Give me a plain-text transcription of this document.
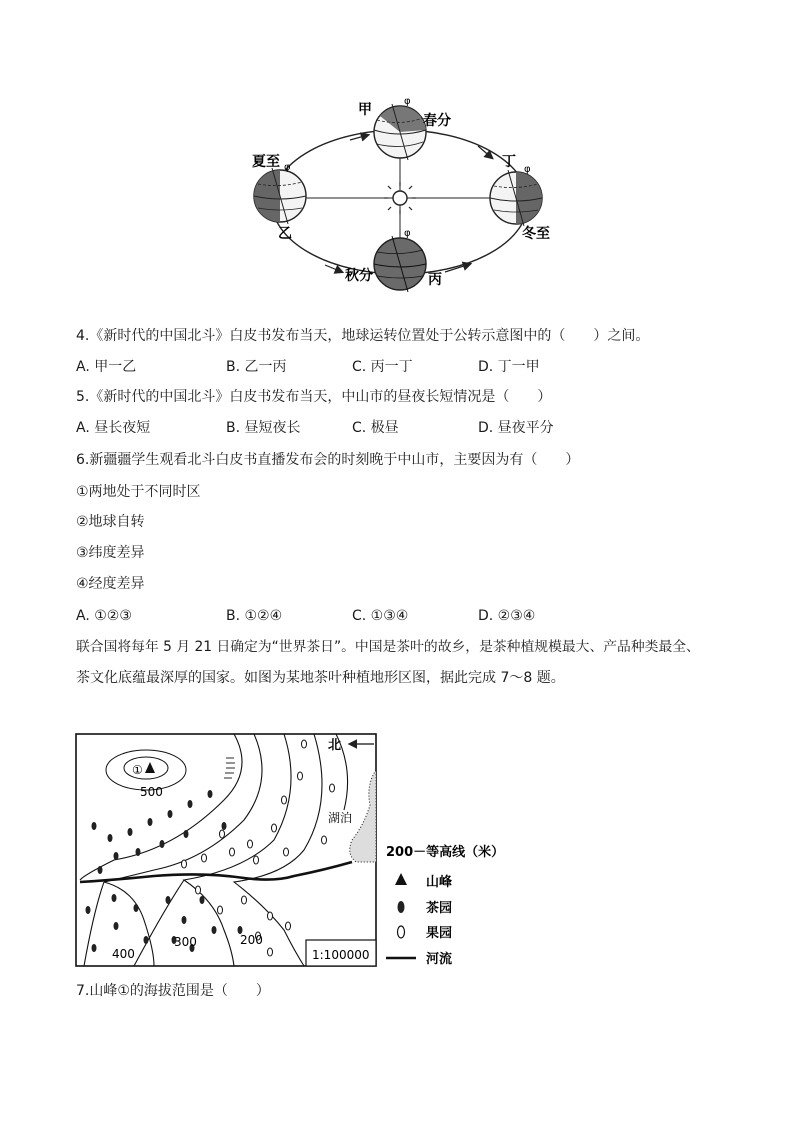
甲
春分
夏至
乙
丁
冬至
秋分	丙
φ
φ	φ
φ
4.《新时代的中国北斗》白皮书发布当天，地球运转位置处于公转示意图中的（　　）之间。
A. 甲一乙	B. 乙一丙	C. 丙一丁	D. 丁一甲
5.《新时代的中国北斗》白皮书发布当天，中山市的昼夜长短情况是（　　）
A. 昼长夜短	B. 昼短夜长	C. 极昼	D. 昼夜平分
6.新疆疆学生观看北斗白皮书直播发布会的时刻晚于中山市，主要因为有（　　）
①两地处于不同时区
②地球自转
③纬度差异
④经度差异
A. ①②③	B. ①②④	C. ①③④	D. ②③④
联合国将每年 5 月 21 日确定为“世界茶日”。中国是茶叶的故乡，是茶种植规模最大、产品种类最全、
茶文化底蕴最深厚的国家。如图为某地茶叶种植地形区图，据此完成 7～8 题。
北
湖泊
①
500
400
300	200
1:100000
200－等高线（米）
山峰
茶园
果园
河流
7.山峰①的海拔范围是（　　）
